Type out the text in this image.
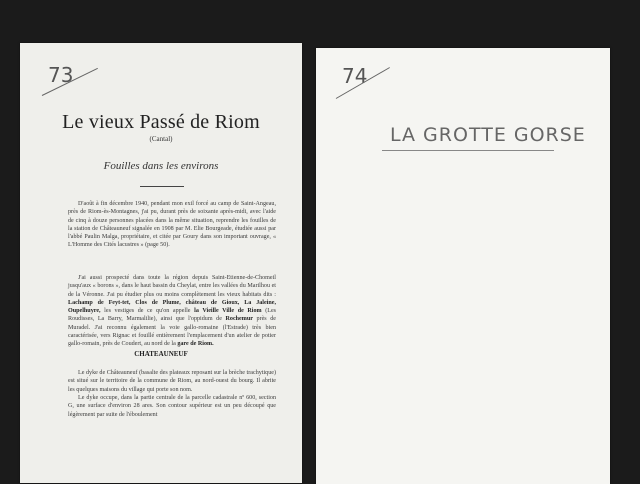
73
Le vieux Passé de Riom
(Cantal)
Fouilles dans les environs

D'août à fin décembre 1940, pendant mon exil forcé au camp de Saint-Angeau, près de Riom-ès-Montagnes, j'ai pu, durant près de soixante après-midi, avec l'aide de cinq à douze personnes placées dans la même situation, reprendre les fouilles de la station de Châteauneuf signalée en 1908 par M. Elie Bourgeade, étudiée aussi par l'abbé Paulin Malga, propriétaire, et citée par Goury dans son important ouvrage, « L'Homme des Cités lacustres » (page 50).

J'ai aussi prospecté dans toute la région depuis Saint-Etienne-de-Chomeil jusqu'aux « borons », dans le haut bassin du Cheylat, entre les vallées du Marilhou et de la Véronne. J'ai pu étudier plus ou moins complètement les vieux habitats dits : Lachamp de Feyt-tet, Clos de Plume, château de Gioux, La Jaleine, Oupelhuyre, les vestiges de ce qu'on appelle la Vieille Ville de Riom (Les Roudisses, La Barry, Marmalilie), ainsi que l'oppidum de Rochemur près de Muradel. J'ai reconnu également la voie gallo-romaine (l'Estrade) très bien caractérisée, vers Rignac et fouillé entièrement l'emplacement d'un atelier de potier gallo-romain, près de Coudert, au nord de la gare de Riom.

CHATEAUNEUF

Le dyke de Châteauneuf (basalte des plateaux reposant sur la brèche trachytique) est situé sur le territoire de la commune de Riom, au nord-ouest du bourg. Il abrite les quelques maisons du village qui porte son nom.

Le dyke occupe, dans la partie centrale de la parcelle cadastrale nº 600, section G, une surface d'environ 28 ares. Son contour supérieur est un peu découpé que légèrement par suite de l'éboulement

74
LA GROTTE GORSE
